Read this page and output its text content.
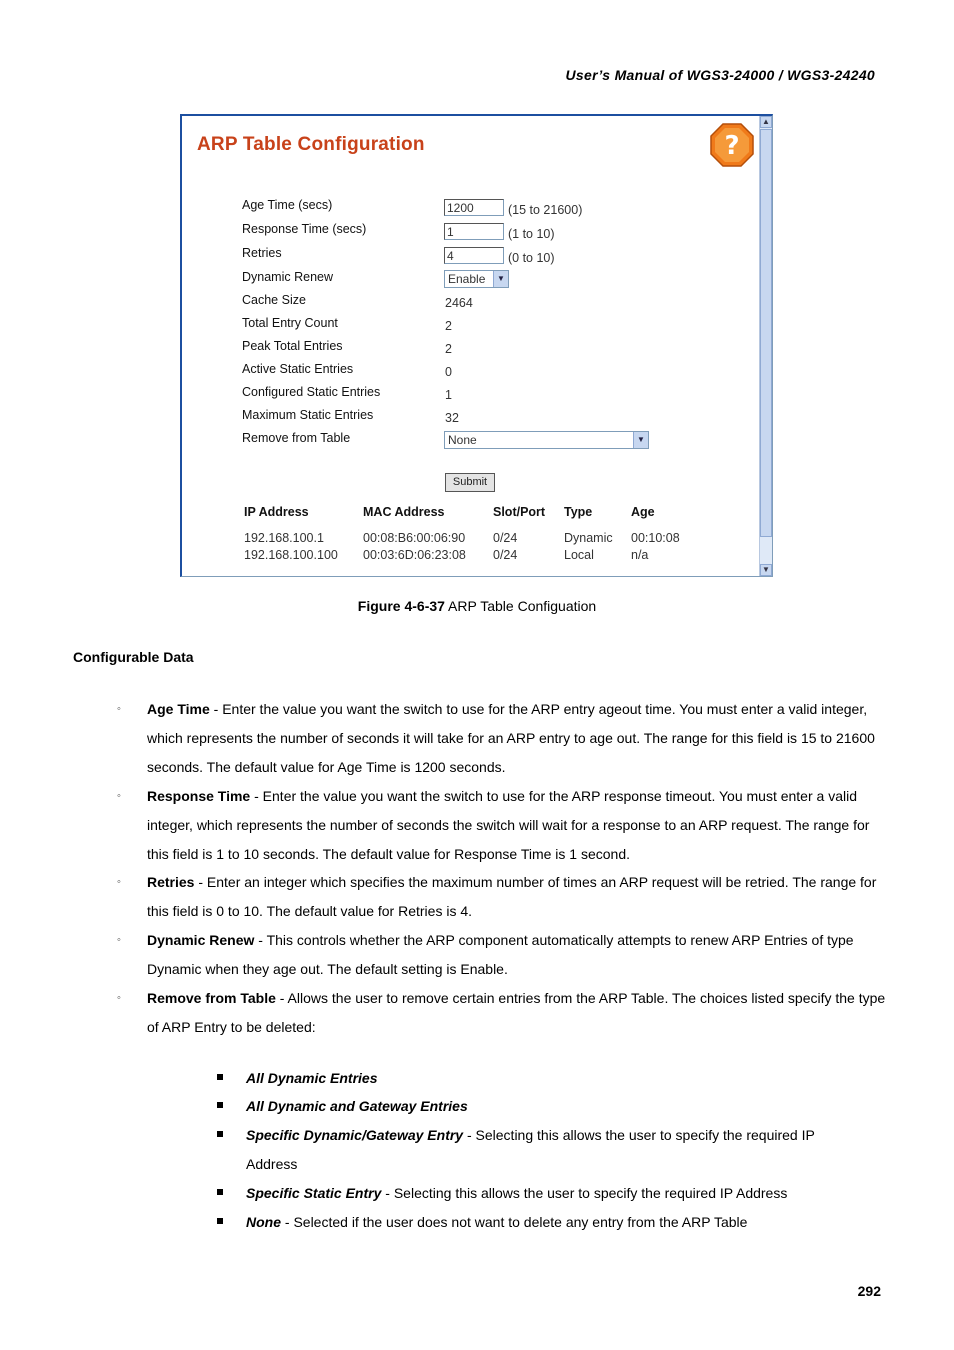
User’s Manual of WGS3-24000 / WGS3-24240
ARP Table Configuration	?
Age Time (secs)	1200	(15 to 21600)
Response Time (secs)	1	(1 to 10)
Retries	4	(0 to 10)
Dynamic Renew	Enable	▼
Cache Size	2464
Total Entry Count	2
Peak Total Entries	2
Active Static Entries	0
Configured Static Entries	1
Maximum Static Entries	32
Remove from Table	None	▼
Submit
IP Address	MAC Address	Slot/Port Type	Age
192.168.100.1	00:08:B6:00:06:90 0/24	Dynamic 00:10:08
192.168.100.100 00:03:6D:06:23:08 0/24	Local	n/a
▲
▼
Figure 4-6-37 ARP Table Configuation
Configurable Data
◦ Age Time - Enter the value you want the switch to use for the ARP entry ageout time. You must enter a valid integer, which represents the number of seconds it will take for an ARP entry to age out. The range for this field is 15 to 21600 seconds. The default value for Age Time is 1200 seconds.
◦ Response Time - Enter the value you want the switch to use for the ARP response timeout. You must enter a valid integer, which represents the number of seconds the switch will wait for a response to an ARP request. The range for this field is 1 to 10 seconds. The default value for Response Time is 1 second.
◦ Retries - Enter an integer which specifies the maximum number of times an ARP request will be retried. The range for this field is 0 to 10. The default value for Retries is 4.
◦ Dynamic Renew - This controls whether the ARP component automatically attempts to renew ARP Entries of type Dynamic when they age out. The default setting is Enable.
◦ Remove from Table - Allows the user to remove certain entries from the ARP Table. The choices listed specify the type of ARP Entry to be deleted:
All Dynamic Entries
All Dynamic and Gateway Entries
Specific Dynamic/Gateway Entry - Selecting this allows the user to specify the required IP Address
Specific Static Entry - Selecting this allows the user to specify the required IP Address
None - Selected if the user does not want to delete any entry from the ARP Table
292
